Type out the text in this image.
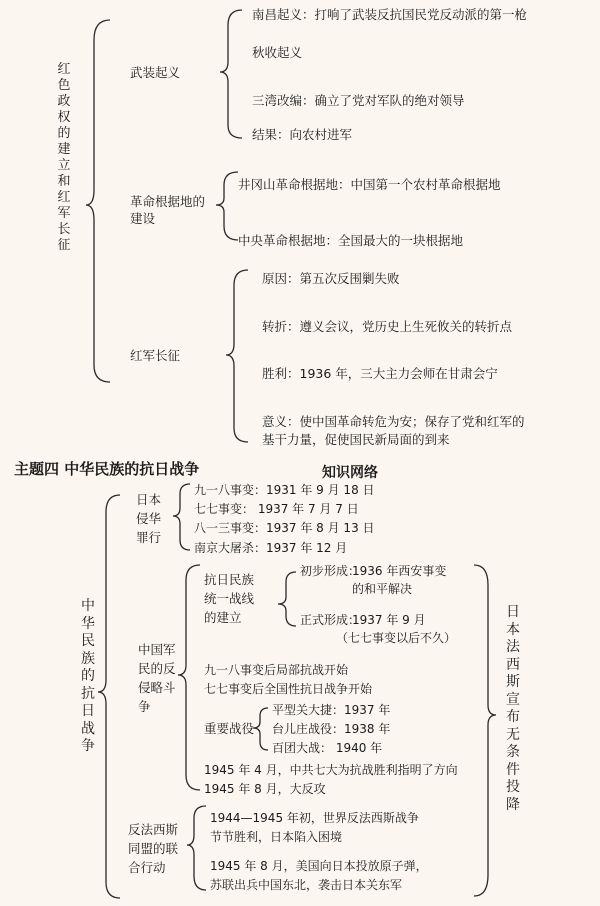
红色政权的建立和红军长征
武装起义
南昌起义：打响了武装反抗国民党反动派的第一枪
秋收起义
三湾改编：确立了党对军队的绝对领导
结果：向农村进军
革命根据地的建设
井冈山革命根据地：中国第一个农村革命根据地
中央革命根据地：全国最大的一块根据地
红军长征
原因：第五次反围剿失败
转折：遵义会议，党历史上生死攸关的转折点
胜利：1936 年，三大主力会师在甘肃会宁
意义：使中国革命转危为安；保存了党和红军的
基干力量，促使国民新局面的到来
主题四 中华民族的抗日战争	知识网络
中华民族的抗日战争
日本法西斯宣布无条件投降
日本侵华罪行
九一八事变：1931 年 9 月 18 日
七七事变： 1937 年 7 月 7 日
八一三事变：1937 年 8 月 13 日
南京大屠杀：1937 年 12 月
中国军民的反侵略斗争
抗日民族统一战线的建立
初步形成：
1936 年西安事变
的和平解决
正式形成：
1937 年 9 月
（七七事变以后不久）
九一八事变后局部抗战开始
七七事变后全国性抗日战争开始
重要战役
平型关大捷：1937 年
台儿庄战役：1938 年
百团大战： 1940 年
1945 年 4 月，中共七大为抗战胜利指明了方向
1945 年 8 月，大反攻
反法西斯同盟的联合行动
1944—1945 年初，世界反法西斯战争
节节胜利，日本陷入困境
1945 年 8 月，美国向日本投放原子弹，
苏联出兵中国东北，袭击日本关东军
